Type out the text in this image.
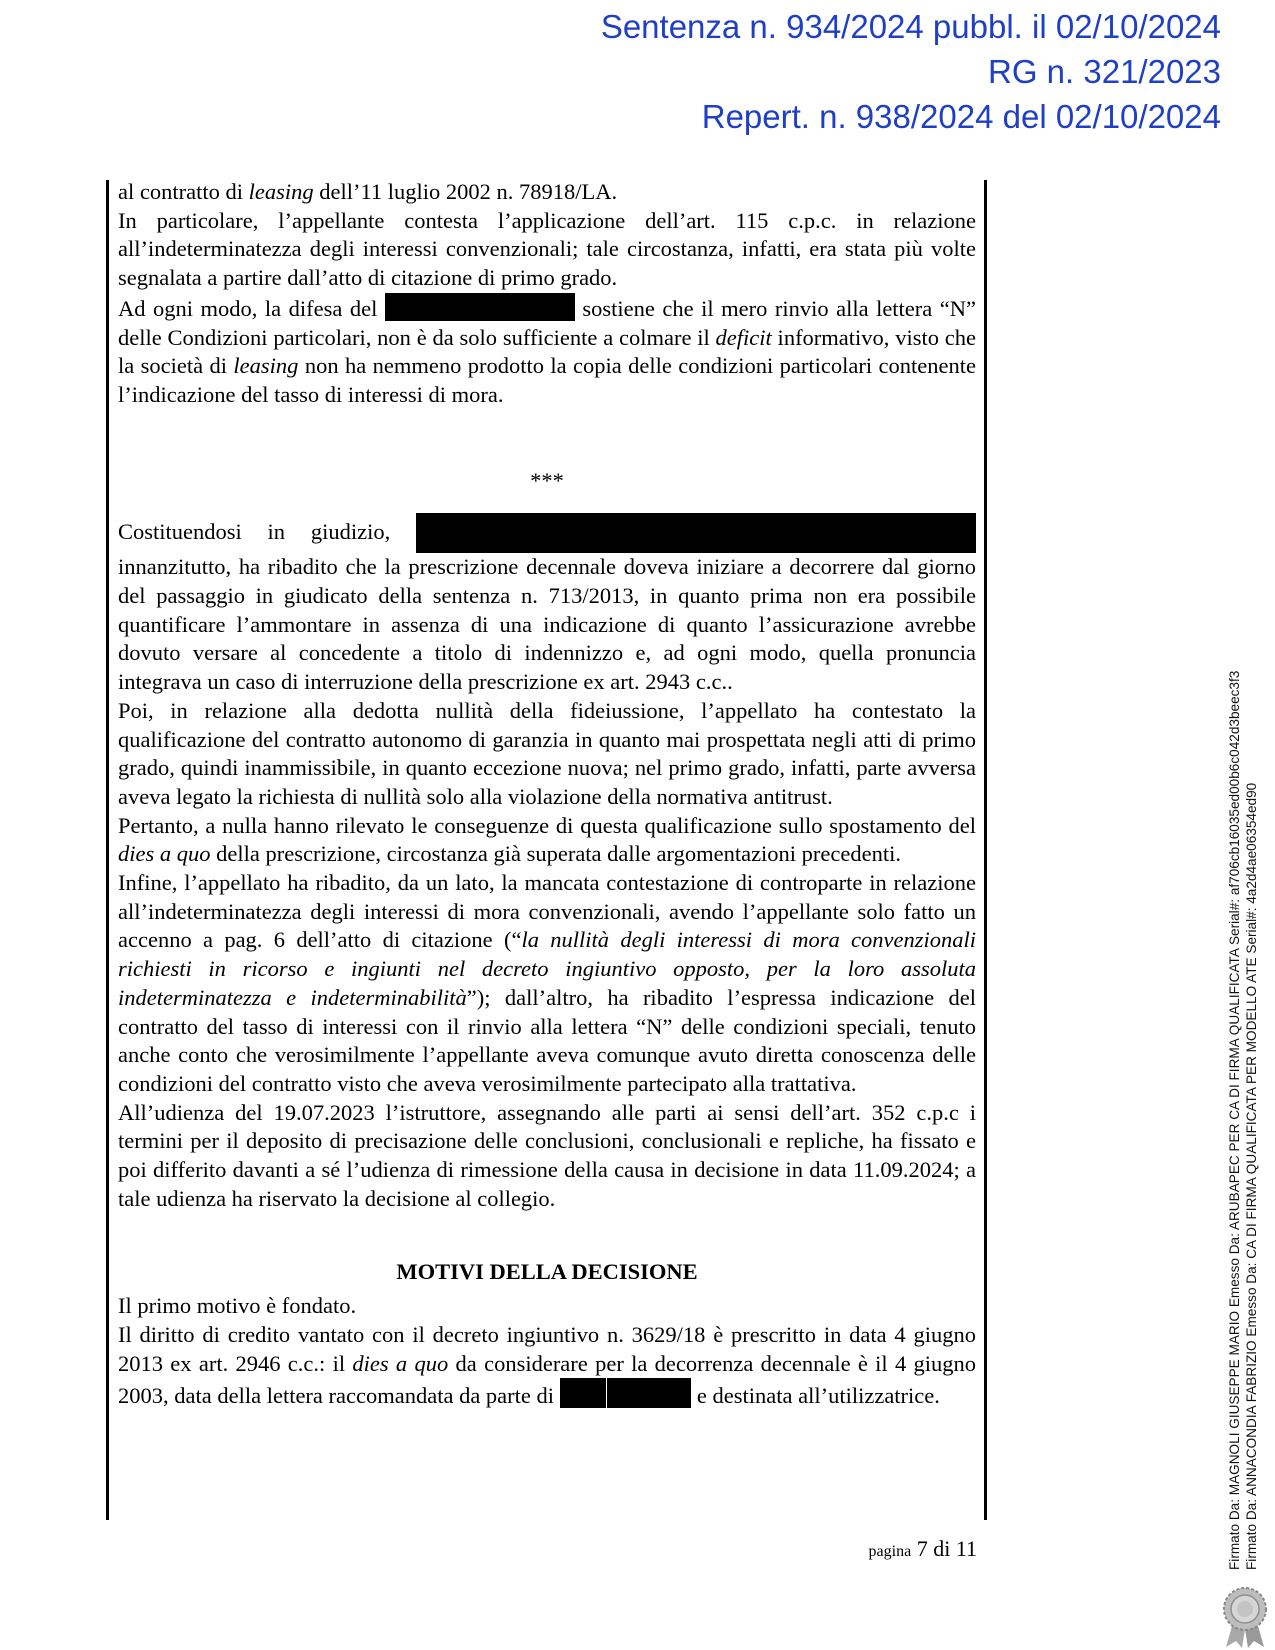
Sentenza n. 934/2024 pubbl. il 02/10/2024
RG n. 321/2023
Repert. n. 938/2024 del 02/10/2024

al contratto di leasing dell’11 luglio 2002 n. 78918/LA.

In particolare, l’appellante contesta l’applicazione dell’art. 115 c.p.c. in relazione all’indeterminatezza degli interessi convenzionali; tale circostanza, infatti, era stata più volte segnalata a partire dall’atto di citazione di primo grado.

Ad ogni modo, la difesa del	sostiene che il mero rinvio alla lettera “N” delle Condizioni particolari, non è da solo sufficiente a colmare il deficit informativo, visto che la società di leasing non ha nemmeno prodotto la copia delle condizioni particolari contenente l’indicazione del tasso di interessi di mora.

***

Costituendosi in giudizio,  innanzitutto, ha ribadito che la prescrizione decennale doveva iniziare a decorrere dal giorno del passaggio in giudicato della sentenza n. 713/2013, in quanto prima non era possibile quantificare l’ammontare in assenza di una indicazione di quanto l’assicurazione avrebbe dovuto versare al concedente a titolo di indennizzo e, ad ogni modo, quella pronuncia integrava un caso di interruzione della prescrizione ex art. 2943 c.c..

Poi, in relazione alla dedotta nullità della fideiussione, l’appellato ha contestato la qualificazione del contratto autonomo di garanzia in quanto mai prospettata negli atti di primo grado, quindi inammissibile, in quanto eccezione nuova; nel primo grado, infatti, parte avversa aveva legato la richiesta di nullità solo alla violazione della normativa antitrust.

Pertanto, a nulla hanno rilevato le conseguenze di questa qualificazione sullo spostamento del dies a quo della prescrizione, circostanza già superata dalle argomentazioni precedenti.

Infine, l’appellato ha ribadito, da un lato, la mancata contestazione di controparte in relazione all’indeterminatezza degli interessi di mora convenzionali, avendo l’appellante solo fatto un accenno a pag. 6 dell’atto di citazione (“la nullità degli interessi di mora convenzionali richiesti in ricorso e ingiunti nel decreto ingiuntivo opposto, per la loro assoluta indeterminatezza e indeterminabilità”); dall’altro, ha ribadito l’espressa indicazione del contratto del tasso di interessi con il rinvio alla lettera “N” delle condizioni speciali, tenuto anche conto che verosimilmente l’appellante aveva comunque avuto diretta conoscenza delle condizioni del contratto visto che aveva verosimilmente partecipato alla trattativa.

All’udienza del 19.07.2023 l’istruttore, assegnando alle parti ai sensi dell’art. 352 c.p.c i termini per il deposito di precisazione delle conclusioni, conclusionali e repliche, ha fissato e poi differito davanti a sé l’udienza di rimessione della causa in decisione in data 11.09.2024; a tale udienza ha riservato la decisione al collegio.

MOTIVI DELLA DECISIONE

Il primo motivo è fondato.

Il diritto di credito vantato con il decreto ingiuntivo n. 3629/18 è prescritto in data 4 giugno 2013 ex art. 2946 c.c.: il dies a quo da considerare per la decorrenza decennale è il 4 giugno 2003, data della lettera raccomandata da parte di	e destinata all’utilizzatrice.

pagina 7 di 11	Firmato Da: MAGNOLI GIUSEPPE MARIO Emesso Da: ARUBAPEC PER CA DI FIRMA QUALIFICATA Serial#: af706cb16035ed00b6c042d3beec3f3 Firmato Da: ANNACONDIA FABRIZIO Emesso Da: CA DI FIRMA QUALIFICATA PER MODELLO ATE Serial#: 4a2d4ae06354ed90
